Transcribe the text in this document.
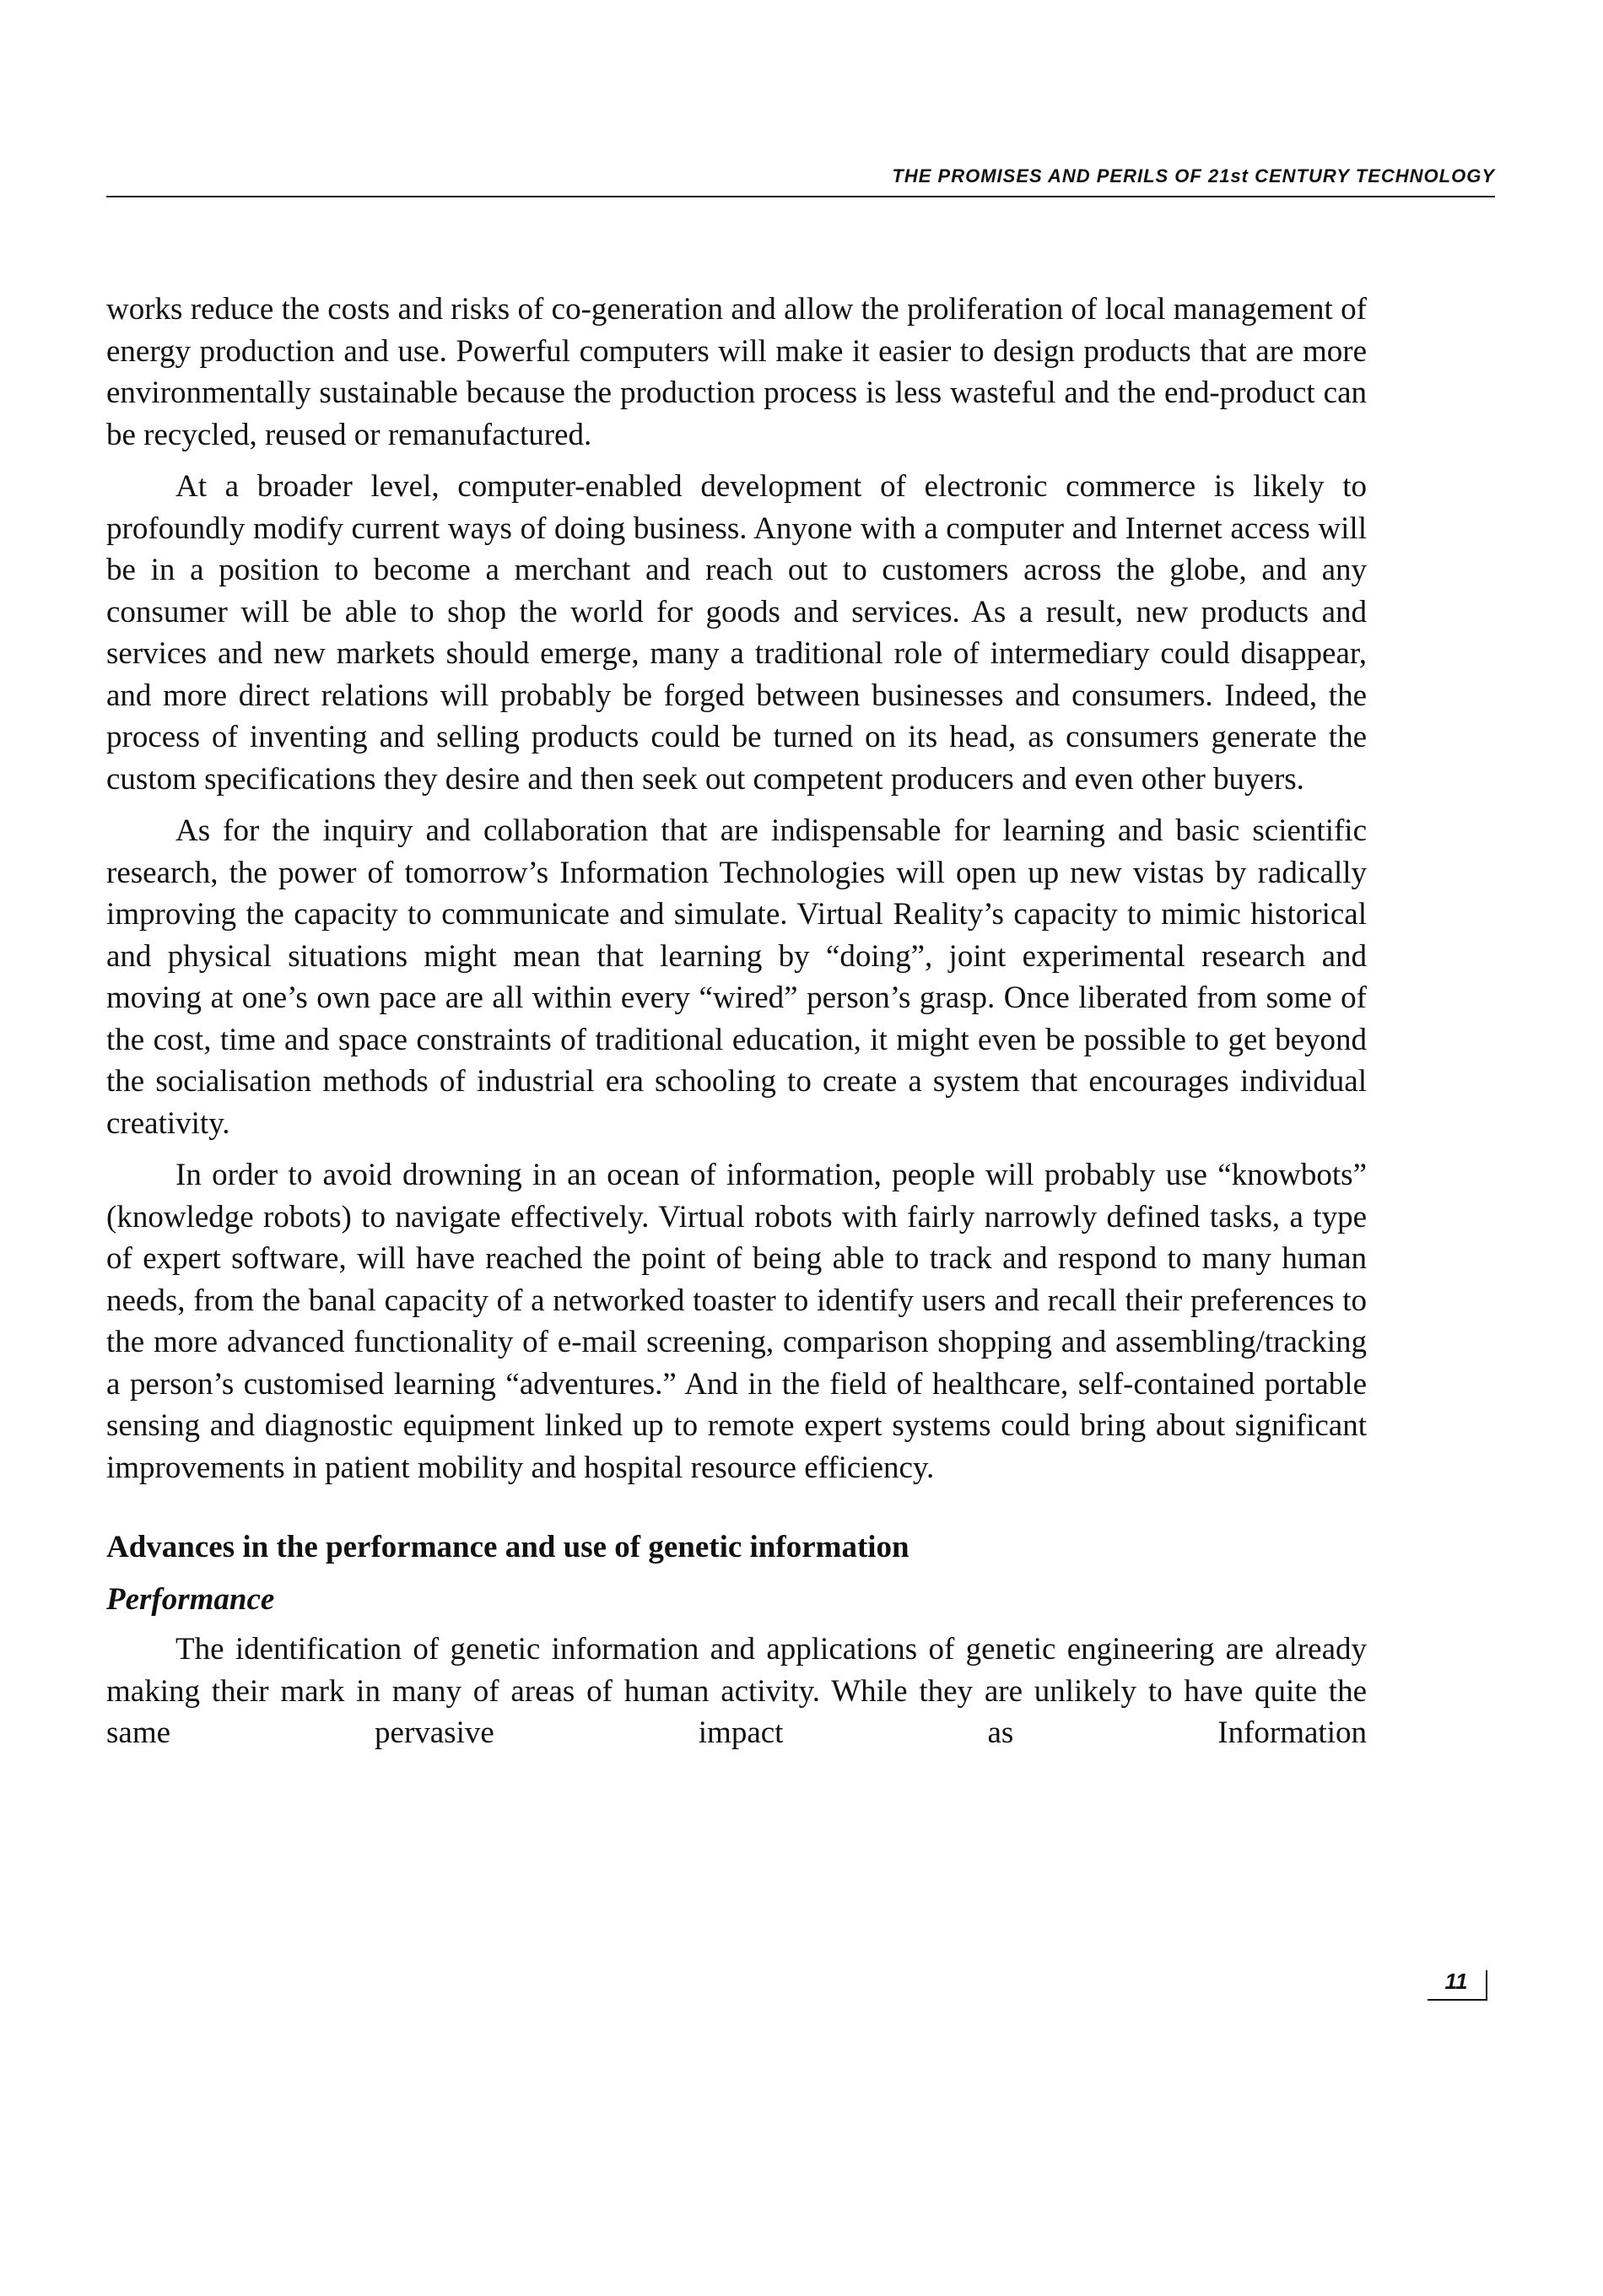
THE PROMISES AND PERILS OF 21st CENTURY TECHNOLOGY

works reduce the costs and risks of co-generation and allow the proliferation of local management of energy production and use. Powerful computers will make it easier to design products that are more environmentally sustainable because the production process is less wasteful and the end-product can be recycled, reused or remanufactured.

At a broader level, computer-enabled development of electronic commerce is likely to profoundly modify current ways of doing business. Anyone with a computer and Internet access will be in a position to become a merchant and reach out to customers across the globe, and any consumer will be able to shop the world for goods and services. As a result, new products and services and new markets should emerge, many a traditional role of intermediary could disappear, and more direct relations will probably be forged between businesses and consumers. Indeed, the process of inventing and selling products could be turned on its head, as consumers generate the custom specifications they desire and then seek out competent producers and even other buyers.

As for the inquiry and collaboration that are indispensable for learning and basic scientific research, the power of tomorrow’s Information Technologies will open up new vistas by radically improving the capacity to communicate and simulate. Virtual Reality’s capacity to mimic historical and physical situations might mean that learning by “doing”, joint experimental research and moving at one’s own pace are all within every “wired” person’s grasp. Once liberated from some of the cost, time and space constraints of traditional education, it might even be possible to get beyond the socialisation methods of industrial era schooling to create a system that encourages individual creativity.

In order to avoid drowning in an ocean of information, people will probably use “knowbots” (knowledge robots) to navigate effectively. Virtual robots with fairly narrowly defined tasks, a type of expert software, will have reached the point of being able to track and respond to many human needs, from the banal capacity of a networked toaster to identify users and recall their preferences to the more advanced functionality of e-mail screening, comparison shopping and assembling/tracking a person’s customised learning “adventures.” And in the field of healthcare, self-contained portable sensing and diagnostic equipment linked up to remote expert systems could bring about significant improvements in patient mobility and hospital resource efficiency.

Advances in the performance and use of genetic information
Performance

The identification of genetic information and applications of genetic engineering are already making their mark in many of areas of human activity. While they are unlikely to have quite the same pervasive impact as Information

11
